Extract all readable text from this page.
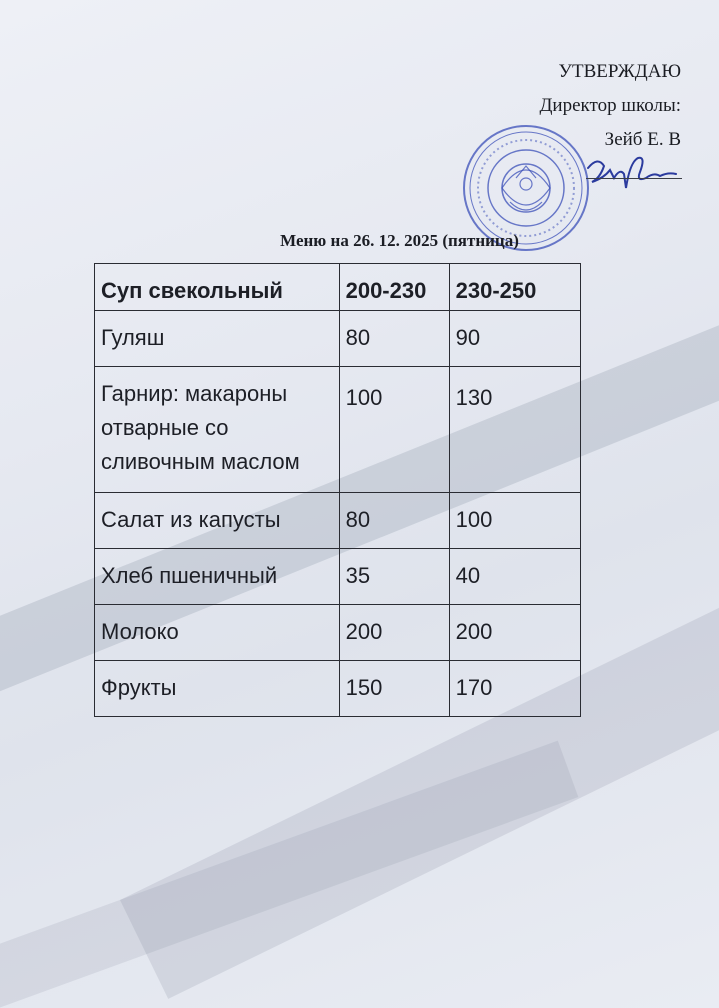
УТВЕРЖДАЮ
Директор школы:
Зейб Е. В
Меню на 26. 12. 2025 (пятница)
Суп свекольный	200-230	230-250
Гуляш	80	90
Гарнир: макароны отварные со сливочным маслом	100	130
Салат из капусты	80	100
Хлеб пшеничный	35	40
Молоко	200	200
Фрукты	150	170
